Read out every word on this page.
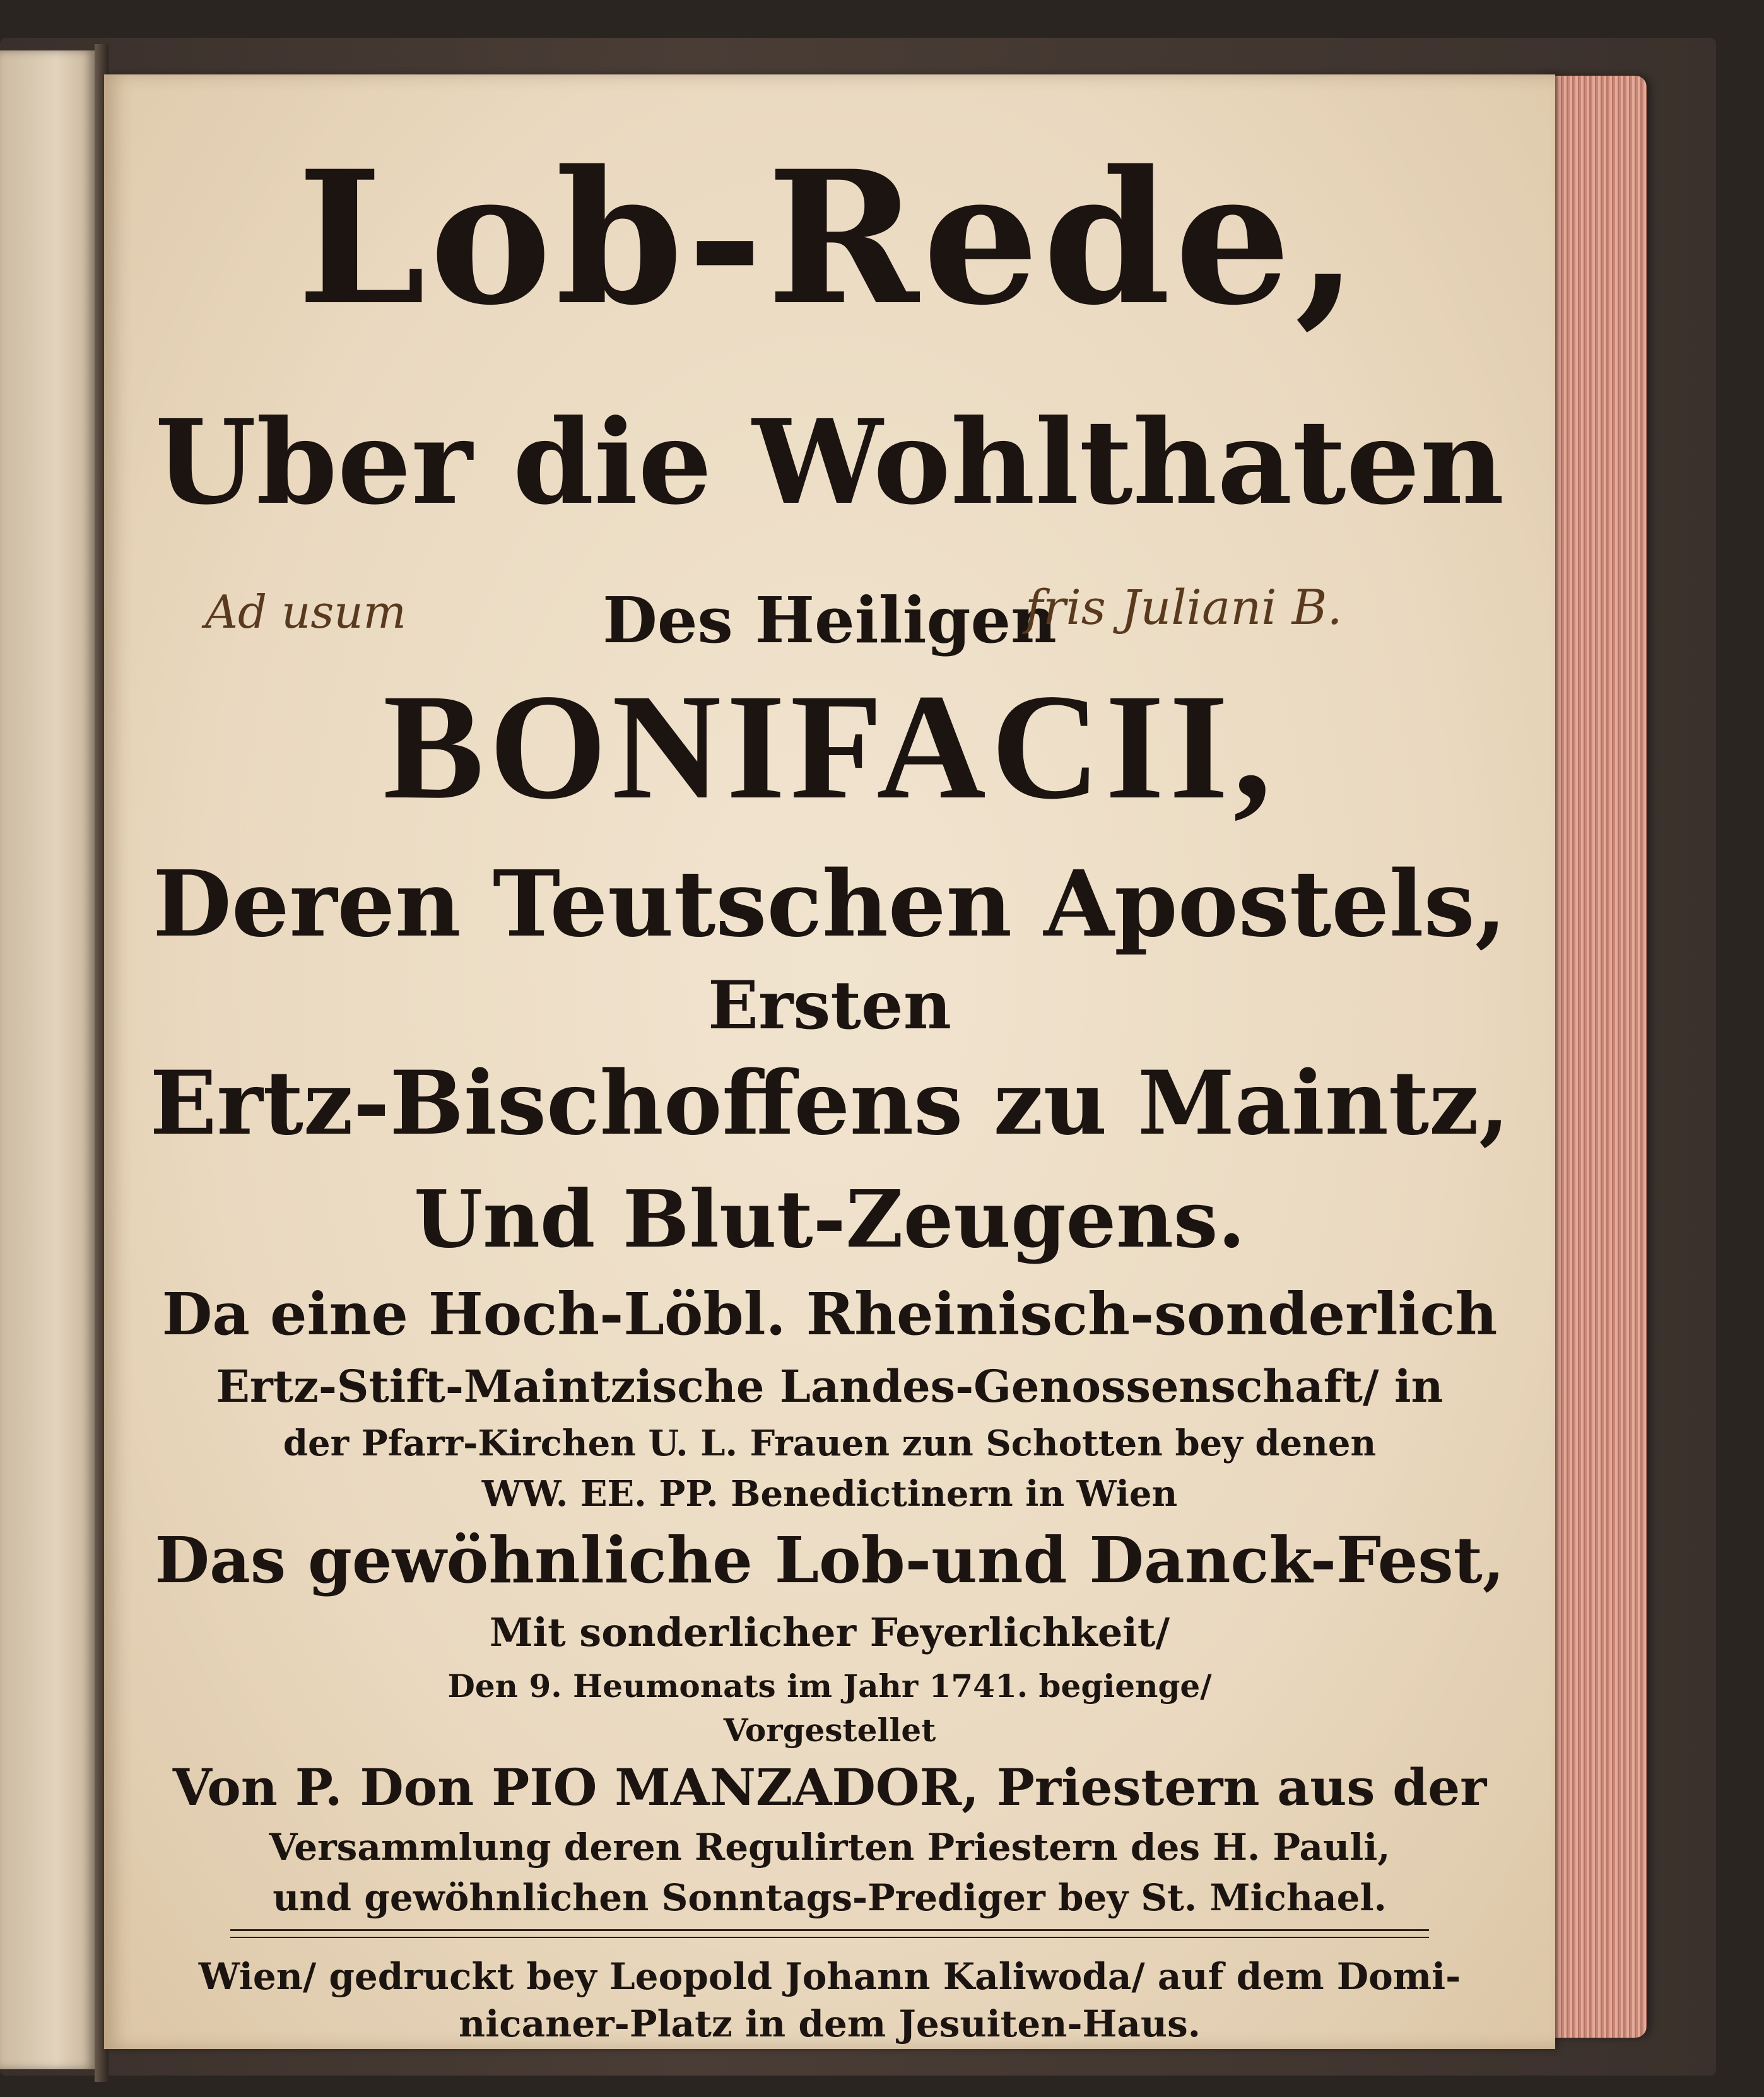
Lob-Rede,
Uber die Wohlthaten
Ad usum	Des Heiligen
fris Juliani B.
BONIFACII,
Deren Teutschen Apostels,
Ersten
Ertz-Bischoffens zu Maintz,
Und Blut-Zeugens.
Da eine Hoch-Löbl. Rheinisch-sonderlich
Ertz-Stift-Maintzische Landes-Genossenschaft/ in
der Pfarr-Kirchen U. L. Frauen zun Schotten bey denen
WW. EE. PP. Benedictinern in Wien
Das gewöhnliche Lob-und Danck-Fest,
Mit sonderlicher Feyerlichkeit/
Den 9. Heumonats im Jahr 1741. begienge/
Vorgestellet
Von P. Don PIO MANZADOR, Priestern aus der
Versammlung deren Regulirten Priestern des H. Pauli,
und gewöhnlichen Sonntags-Prediger bey St. Michael.
Wien/ gedruckt bey Leopold Johann Kaliwoda/ auf dem Domi-
nicaner-Platz in dem Jesuiten-Haus.
